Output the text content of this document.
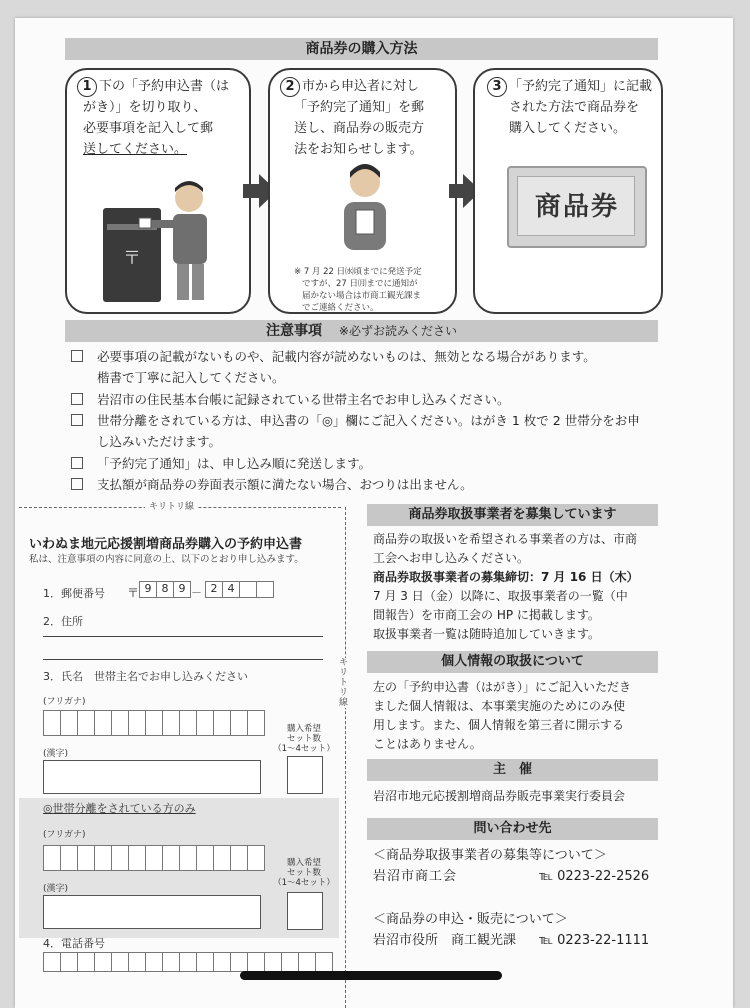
商品券の購入方法
1 下の「予約申込書（は
がき）」を切り取り、
必要事項を記入して郵
送してください。
〒
2 市から申込者に対し
「予約完了通知」を郵
送し、商品券の販売方
法をお知らせします。
※ 7 月 22 日㈬頃までに発送予定
ですが、27 日㈪までに通知が
届かない場合は市商工観光課ま
でご連絡ください。
3 「予約完了通知」に記載
された方法で商品券を
購入してください。
商品券
注意事項 ※必ずお読みください
必要事項の記載がないものや、記載内容が読めないものは、無効となる場合があります。
楷書で丁寧に記入してください。
岩沼市の住民基本台帳に記録されている世帯主名でお申し込みください。
世帯分離をされている方は、申込書の「◎」欄にご記入ください。はがき 1 枚で 2 世帯分をお申
し込みいただけます。
「予約完了通知」は、申し込み順に発送します。
支払額が商品券の券面表示額に満たない場合、おつりは出ません。
キリトリ線
キリトリ線
いわぬま地元応援割増商品券購入の予約申込書
私は、注意事項の内容に同意の上、以下のとおり申し込みます。
1．郵便番号 〒 9 8 9 － 2 4
2．住所
3．氏名　世帯主名でお申し込みください
(フリガナ)
(漢字)
購入希望
セット数
（1～4セット）
◎世帯分離をされている方のみ
(フリガナ)
(漢字)
購入希望
セット数
（1～4セット）
4．電話番号
商品券取扱事業者を募集しています
商品券の取扱いを希望される事業者の方は、市商
工会へお申し込みください。
商品券取扱事業者の募集締切：7 月 16 日（木）
7 月 3 日（金）以降に、取扱事業者の一覧（中
間報告）を市商工会の HP に掲載します。
取扱事業者一覧は随時追加していきます。
個人情報の取扱について
左の「予約申込書（はがき）」にご記入いただき
ました個人情報は、本事業実施のためにのみ使
用します。また、個人情報を第三者に開示する
ことはありません。
主　催
岩沼市地元応援割増商品券販売事業実行委員会
問い合わせ先
＜商品券取扱事業者の募集等について＞
岩沼市商工会	℡ 0223-22-2526
＜商品券の申込・販売について＞
岩沼市役所　商工観光課 ℡ 0223-22-1111
